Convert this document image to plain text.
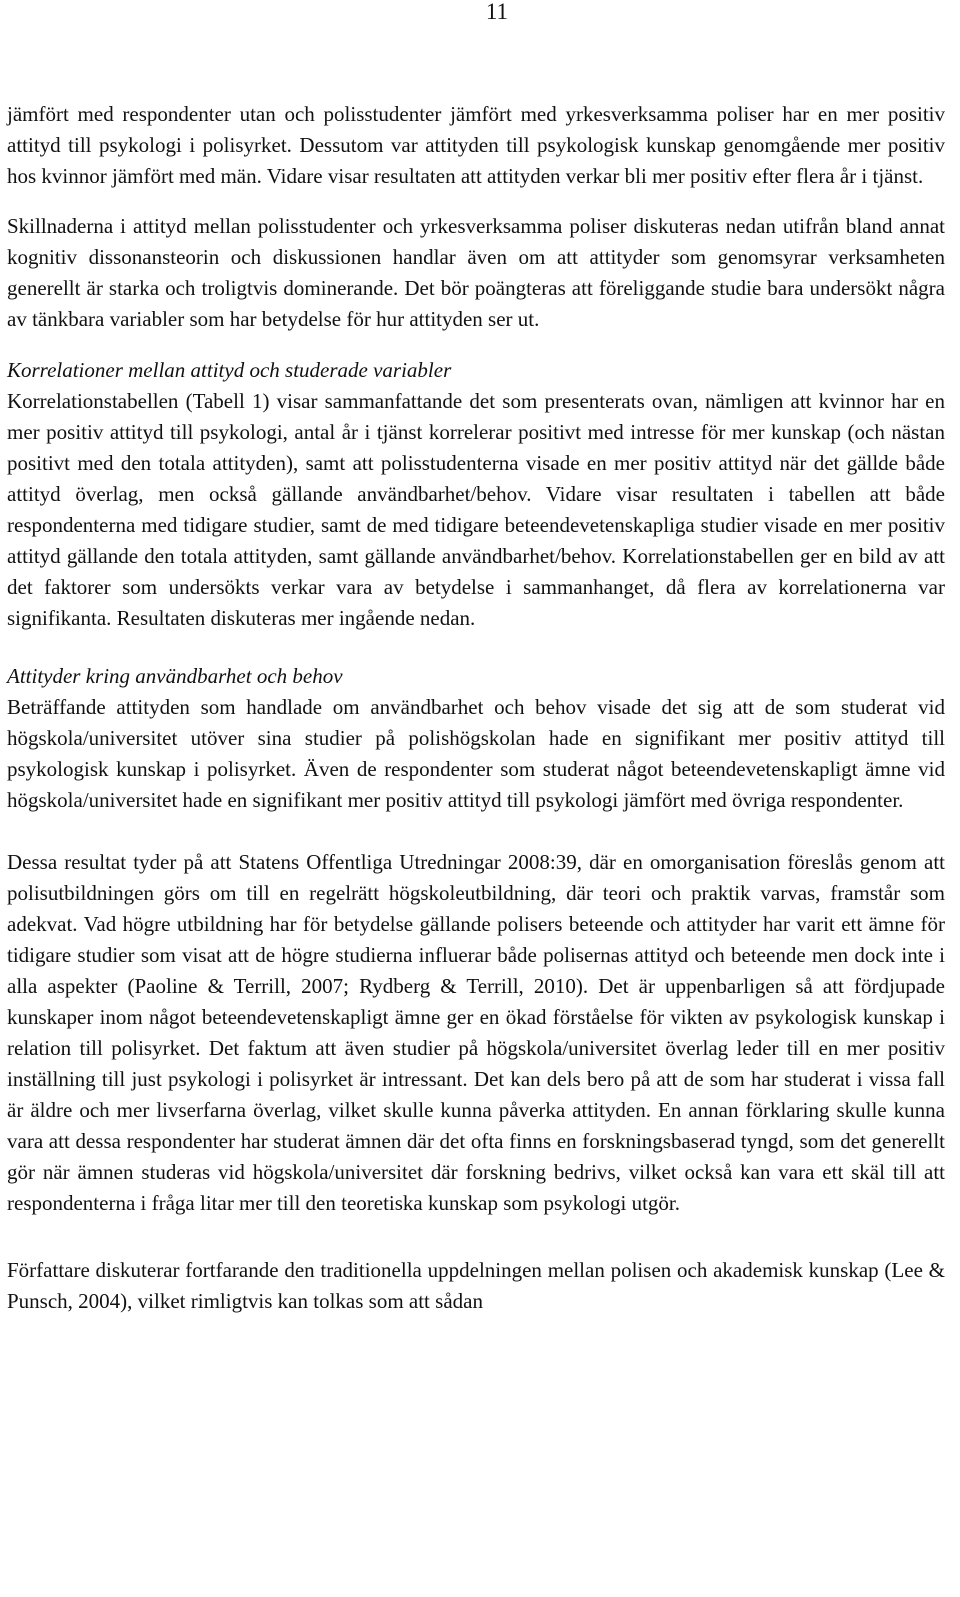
11

jämfört med respondenter utan och polisstudenter jämfört med yrkesverksamma poliser har en mer positiv attityd till psykologi i polisyrket. Dessutom var attityden till psykologisk kunskap genomgående mer positiv hos kvinnor jämfört med män. Vidare visar resultaten att attityden verkar bli mer positiv efter flera år i tjänst.

Skillnaderna i attityd mellan polisstudenter och yrkesverksamma poliser diskuteras nedan utifrån bland annat kognitiv dissonansteorin och diskussionen handlar även om att attityder som genomsyrar verksamheten generellt är starka och troligtvis dominerande. Det bör poängteras att föreliggande studie bara undersökt några av tänkbara variabler som har betydelse för hur attityden ser ut.

Korrelationer mellan attityd och studerade variabler

Korrelationstabellen (Tabell 1) visar sammanfattande det som presenterats ovan, nämligen att kvinnor har en mer positiv attityd till psykologi, antal år i tjänst korrelerar positivt med intresse för mer kunskap (och nästan positivt med den totala attityden), samt att polisstudenterna visade en mer positiv attityd när det gällde både attityd överlag, men också gällande användbarhet/behov. Vidare visar resultaten i tabellen att både respondenterna med tidigare studier, samt de med tidigare beteendevetenskapliga studier visade en mer positiv attityd gällande den totala attityden, samt gällande användbarhet/behov. Korrelationstabellen ger en bild av att det faktorer som undersökts verkar vara av betydelse i sammanhanget, då flera av korrelationerna var signifikanta. Resultaten diskuteras mer ingående nedan.

Attityder kring användbarhet och behov

Beträffande attityden som handlade om användbarhet och behov visade det sig att de som studerat vid högskola/universitet utöver sina studier på polishögskolan hade en signifikant mer positiv attityd till psykologisk kunskap i polisyrket. Även de respondenter som studerat något beteendevetenskapligt ämne vid högskola/universitet hade en signifikant mer positiv attityd till psykologi jämfört med övriga respondenter.

Dessa resultat tyder på att Statens Offentliga Utredningar 2008:39, där en omorganisation föreslås genom att polisutbildningen görs om till en regelrätt högskoleutbildning, där teori och praktik varvas, framstår som adekvat. Vad högre utbildning har för betydelse gällande polisers beteende och attityder har varit ett ämne för tidigare studier som visat att de högre studierna influerar både polisernas attityd och beteende men dock inte i alla aspekter (Paoline & Terrill, 2007; Rydberg & Terrill, 2010). Det är uppenbarligen så att fördjupade kunskaper inom något beteendevetenskapligt ämne ger en ökad förståelse för vikten av psykologisk kunskap i relation till polisyrket. Det faktum att även studier på högskola/universitet överlag leder till en mer positiv inställning till just psykologi i polisyrket är intressant. Det kan dels bero på att de som har studerat i vissa fall är äldre och mer livserfarna överlag, vilket skulle kunna påverka attityden. En annan förklaring skulle kunna vara att dessa respondenter har studerat ämnen där det ofta finns en forskningsbaserad tyngd, som det generellt gör när ämnen studeras vid högskola/universitet där forskning bedrivs, vilket också kan vara ett skäl till att respondenterna i fråga litar mer till den teoretiska kunskap som psykologi utgör.

Författare diskuterar fortfarande den traditionella uppdelningen mellan polisen och akademisk kunskap (Lee & Punsch, 2004), vilket rimligtvis kan tolkas som att sådan
